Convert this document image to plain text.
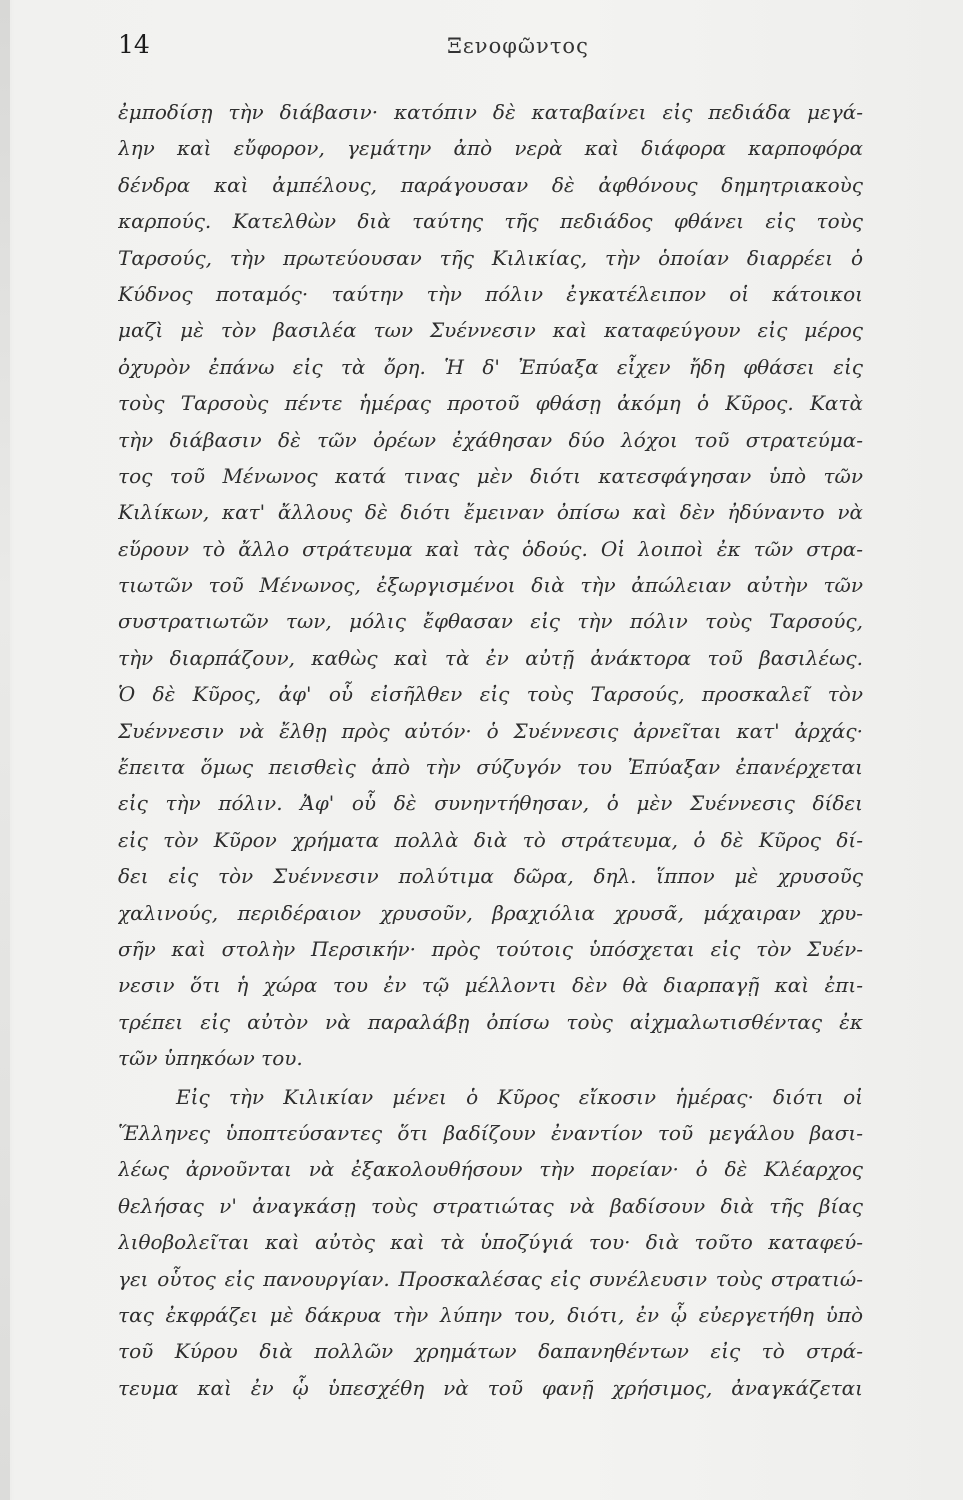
14	Ξενοφῶντος
ἐμποδίσῃ τὴν διάβασιν· κατόπιν δὲ καταβαίνει εἰς πεδιάδα μεγά-
λην καὶ εὔφορον, γεμάτην ἀπὸ νερὰ καὶ διάφορα καρποφόρα
δένδρα καὶ ἀμπέλους, παράγουσαν δὲ ἀφθόνους δημητριακοὺς
καρπούς. Κατελθὼν διὰ ταύτης τῆς πεδιάδος φθάνει εἰς τοὺς
Ταρσούς, τὴν πρωτεύουσαν τῆς Κιλικίας, τὴν ὁποίαν διαρρέει ὁ
Κύδνος ποταμός· ταύτην τὴν πόλιν ἐγκατέλειπον οἱ κάτοικοι
μαζὶ μὲ τὸν βασιλέα των Συέννεσιν καὶ καταφεύγουν εἰς μέρος
ὀχυρὸν ἐπάνω εἰς τὰ ὄρη. Ἡ δ' Ἐπύαξα εἶχεν ἤδη φθάσει εἰς
τοὺς Ταρσοὺς πέντε ἡμέρας προτοῦ φθάσῃ ἀκόμη ὁ Κῦρος. Κατὰ
τὴν διάβασιν δὲ τῶν ὀρέων ἐχάθησαν δύο λόχοι τοῦ στρατεύμα-
τος τοῦ Μένωνος κατά τινας μὲν διότι κατεσφάγησαν ὑπὸ τῶν
Κιλίκων, κατ' ἄλλους δὲ διότι ἔμειναν ὀπίσω καὶ δὲν ἠδύναντο νὰ
εὕρουν τὸ ἄλλο στράτευμα καὶ τὰς ὁδούς. Οἱ λοιποὶ ἐκ τῶν στρα-
τιωτῶν τοῦ Μένωνος, ἐξωργισμένοι διὰ τὴν ἀπώλειαν αὐτὴν τῶν
συστρατιωτῶν των, μόλις ἔφθασαν εἰς τὴν πόλιν τοὺς Ταρσούς,
τὴν διαρπάζουν, καθὼς καὶ τὰ ἐν αὐτῇ ἀνάκτορα τοῦ βασιλέως.
Ὁ δὲ Κῦρος, ἀφ' οὗ εἰσῆλθεν εἰς τοὺς Ταρσούς, προσκαλεῖ τὸν
Συέννεσιν νὰ ἔλθῃ πρὸς αὐτόν· ὁ Συέννεσις ἀρνεῖται κατ' ἀρχάς·
ἔπειτα ὅμως πεισθεὶς ἀπὸ τὴν σύζυγόν του Ἐπύαξαν ἐπανέρχεται
εἰς τὴν πόλιν. Ἀφ' οὗ δὲ συνηντήθησαν, ὁ μὲν Συέννεσις δίδει
εἰς τὸν Κῦρον χρήματα πολλὰ διὰ τὸ στράτευμα, ὁ δὲ Κῦρος δί-
δει εἰς τὸν Συέννεσιν πολύτιμα δῶρα, δηλ. ἵππον μὲ χρυσοῦς
χαλινούς, περιδέραιον χρυσοῦν, βραχιόλια χρυσᾶ, μάχαιραν χρυ-
σῆν καὶ στολὴν Περσικήν· πρὸς τούτοις ὑπόσχεται εἰς τὸν Συέν-
νεσιν ὅτι ἡ χώρα του ἐν τῷ μέλλοντι δὲν θὰ διαρπαγῇ καὶ ἐπι-
τρέπει εἰς αὐτὸν νὰ παραλάβῃ ὀπίσω τοὺς αἰχμαλωτισθέντας ἐκ
τῶν ὑπηκόων του.
Εἰς τὴν Κιλικίαν μένει ὁ Κῦρος εἴκοσιν ἡμέρας· διότι οἱ
Ἕλληνες ὑποπτεύσαντες ὅτι βαδίζουν ἐναντίον τοῦ μεγάλου βασι-
λέως ἀρνοῦνται νὰ ἐξακολουθήσουν τὴν πορείαν· ὁ δὲ Κλέαρχος
θελήσας ν' ἀναγκάσῃ τοὺς στρατιώτας νὰ βαδίσουν διὰ τῆς βίας
λιθοβολεῖται καὶ αὐτὸς καὶ τὰ ὑποζύγιά του· διὰ τοῦτο καταφεύ-
γει οὗτος εἰς πανουργίαν. Προσκαλέσας εἰς συνέλευσιν τοὺς στρατιώ-
τας ἐκφράζει μὲ δάκρυα τὴν λύπην του, διότι, ἐν ᾧ εὐεργετήθη ὑπὸ
τοῦ Κύρου διὰ πολλῶν χρημάτων δαπανηθέντων εἰς τὸ στρά-
τευμα καὶ ἐν ᾧ ὑπεσχέθη νὰ τοῦ φανῇ χρήσιμος, ἀναγκάζεται
